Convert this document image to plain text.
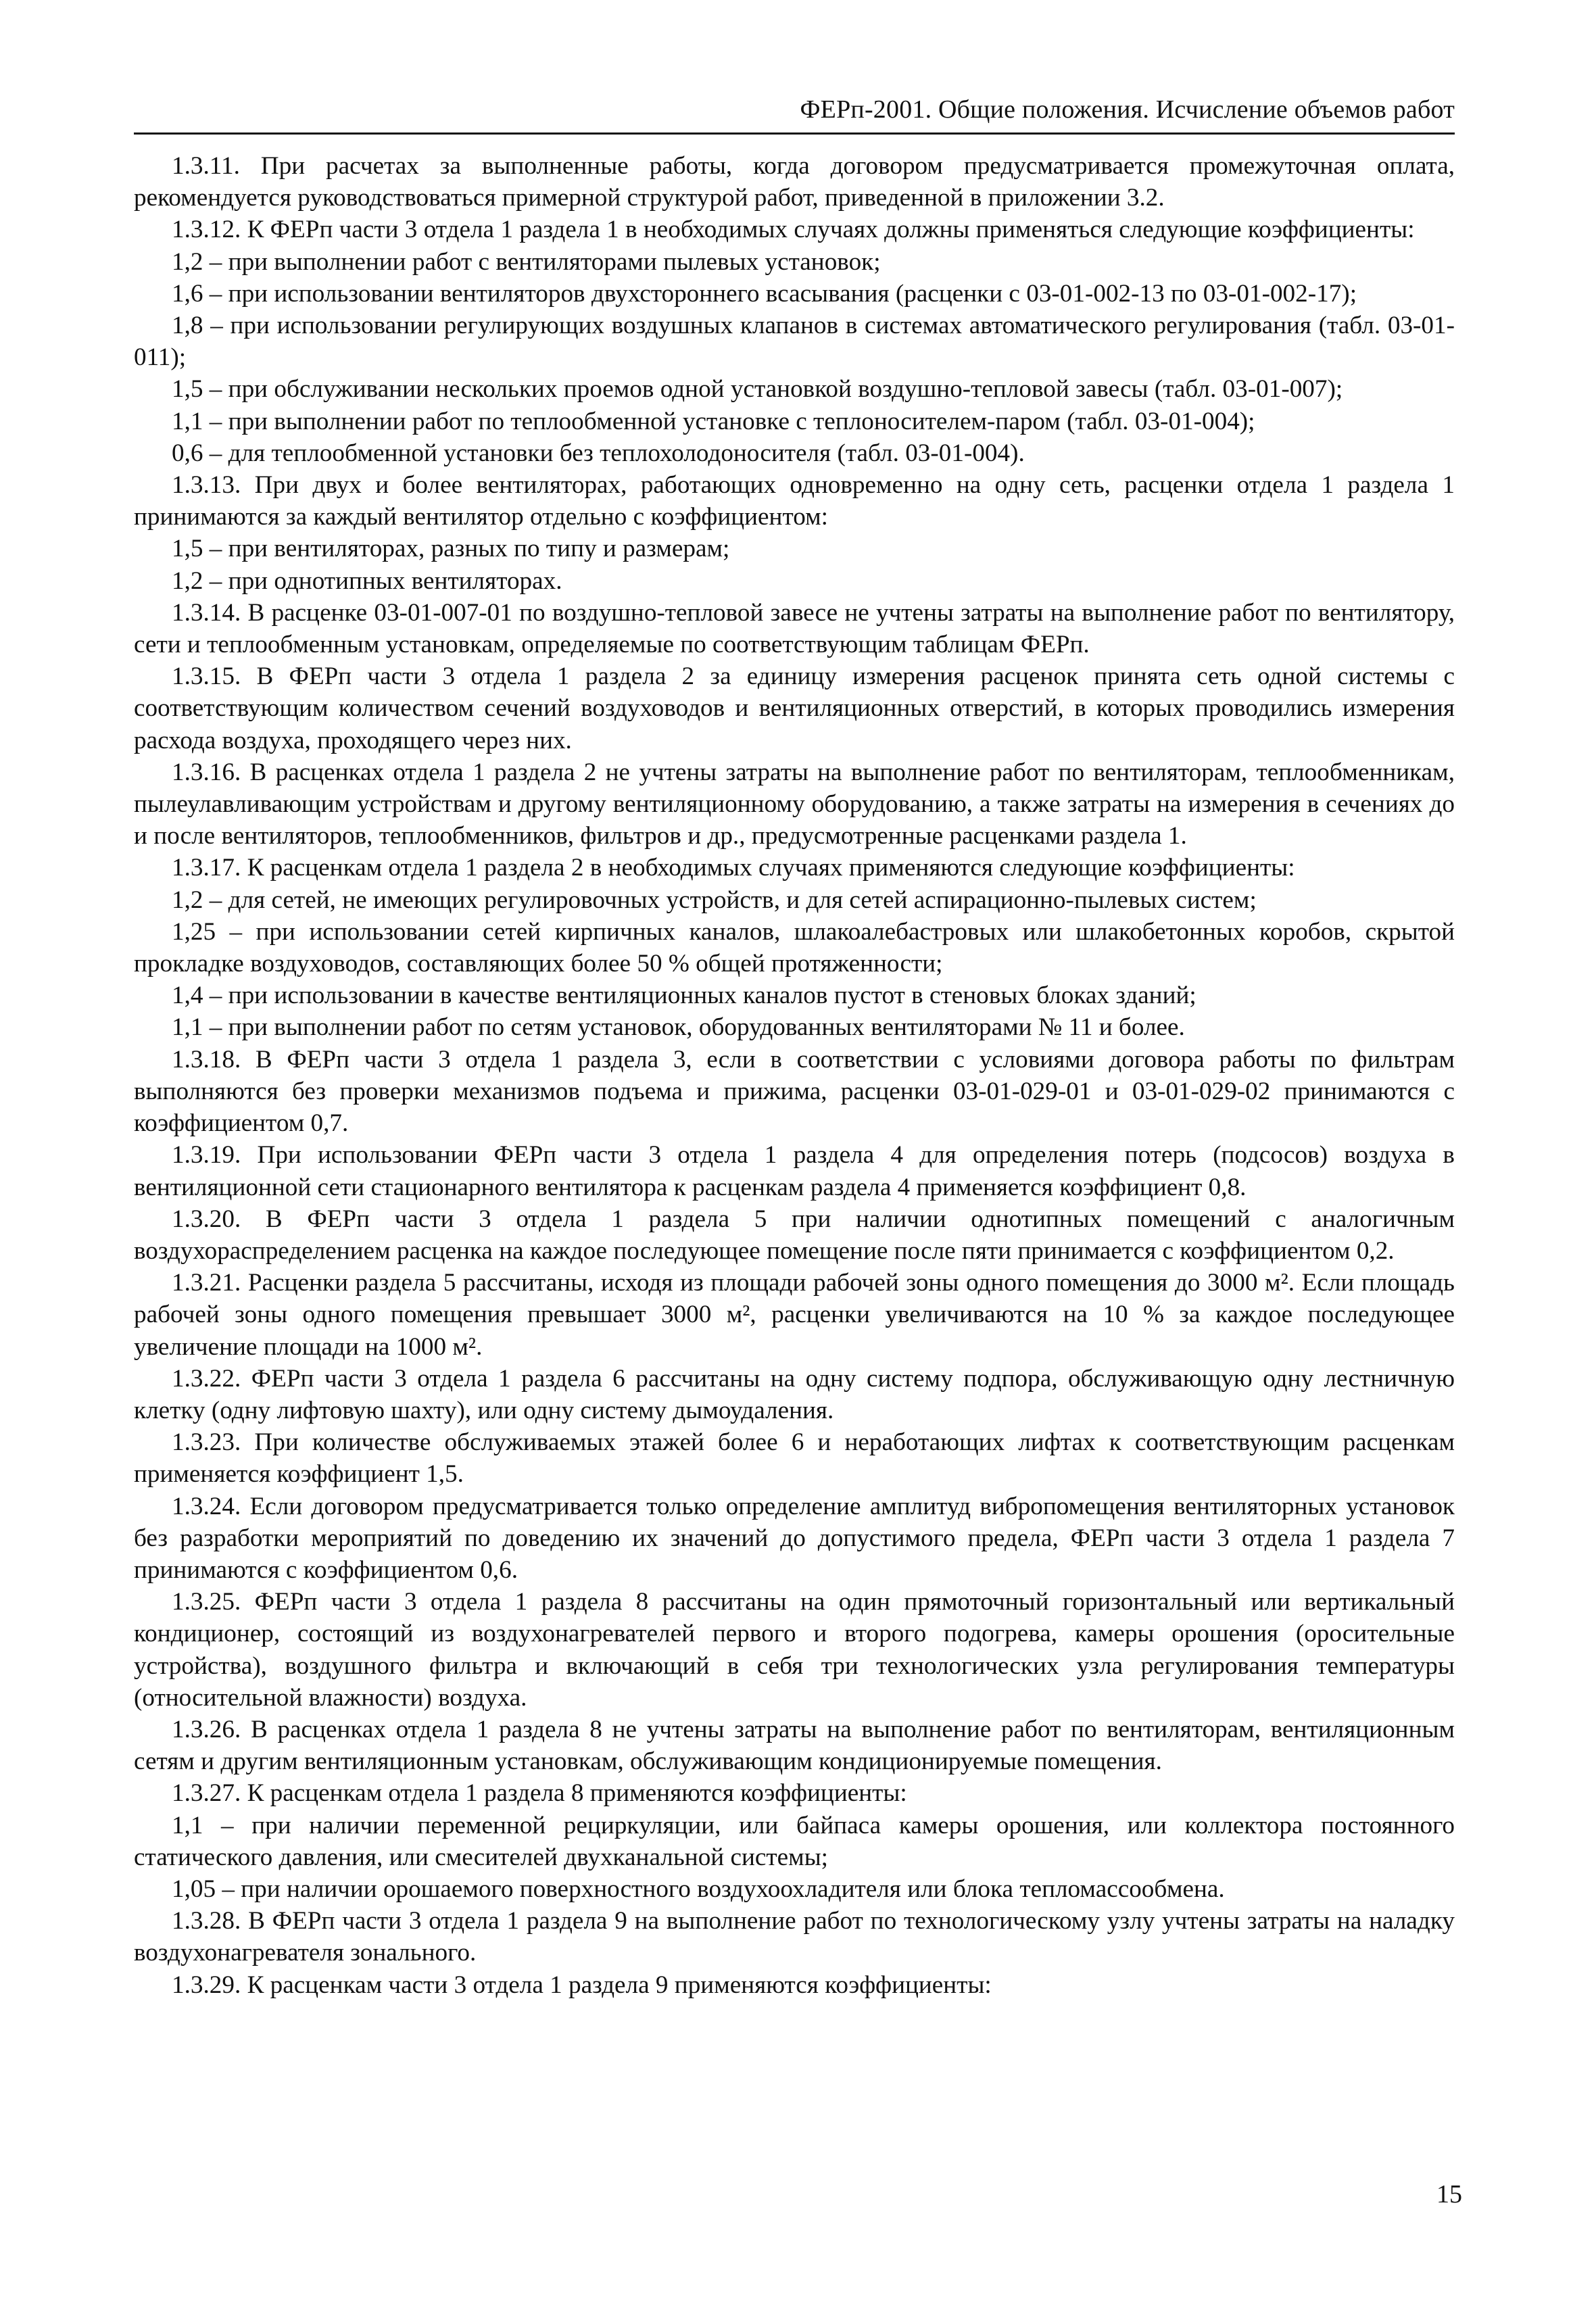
ФЕРп-2001. Общие положения. Исчисление объемов работ

1.3.11. При расчетах за выполненные работы, когда договором предусматривается промежуточная оплата, рекомендуется руководствоваться примерной структурой работ, приведенной в приложении 3.2.

1.3.12. К ФЕРп части 3 отдела 1 раздела 1 в необходимых случаях должны применяться следующие коэффициенты:

1,2 – при выполнении работ с вентиляторами пылевых установок;

1,6 – при использовании вентиляторов двухстороннего всасывания (расценки с 03-01-002-13 по 03-01-002-17);

1,8 – при использовании регулирующих воздушных клапанов в системах автоматического регулирования (табл. 03-01-011);

1,5 – при обслуживании нескольких проемов одной установкой воздушно-тепловой завесы (табл. 03-01-007);

1,1 – при выполнении работ по теплообменной установке с теплоносителем-паром (табл. 03-01-004);

0,6 – для теплообменной установки без теплохолодоносителя (табл. 03-01-004).

1.3.13. При двух и более вентиляторах, работающих одновременно на одну сеть, расценки отдела 1 раздела 1 принимаются за каждый вентилятор отдельно с коэффициентом:

1,5 – при вентиляторах, разных по типу и размерам;

1,2 – при однотипных вентиляторах.

1.3.14. В расценке 03-01-007-01 по воздушно-тепловой завесе не учтены затраты на выполнение работ по вентилятору, сети и теплообменным установкам, определяемые по соответствующим таблицам ФЕРп.

1.3.15. В ФЕРп части 3 отдела 1 раздела 2 за единицу измерения расценок принята сеть одной системы с соответствующим количеством сечений воздуховодов и вентиляционных отверстий, в которых проводились измерения расхода воздуха, проходящего через них.

1.3.16. В расценках отдела 1 раздела 2 не учтены затраты на выполнение работ по вентиляторам, теплообменникам, пылеулавливающим устройствам и другому вентиляционному оборудованию, а также затраты на измерения в сечениях до и после вентиляторов, теплообменников, фильтров и др., предусмотренные расценками раздела 1.

1.3.17. К расценкам отдела 1 раздела 2 в необходимых случаях применяются следующие коэффициенты:

1,2 – для сетей, не имеющих регулировочных устройств, и для сетей аспирационно-пылевых систем;

1,25 – при использовании сетей кирпичных каналов, шлакоалебастровых или шлакобетонных коробов, скрытой прокладке воздуховодов, составляющих более 50 % общей протяженности;

1,4 – при использовании в качестве вентиляционных каналов пустот в стеновых блоках зданий;

1,1 – при выполнении работ по сетям установок, оборудованных вентиляторами № 11 и более.

1.3.18. В ФЕРп части 3 отдела 1 раздела 3, если в соответствии с условиями договора работы по фильтрам выполняются без проверки механизмов подъема и прижима, расценки 03-01-029-01 и 03-01-029-02 принимаются с коэффициентом 0,7.

1.3.19. При использовании ФЕРп части 3 отдела 1 раздела 4 для определения потерь (подсосов) воздуха в вентиляционной сети стационарного вентилятора к расценкам раздела 4 применяется коэффициент 0,8.

1.3.20. В ФЕРп части 3 отдела 1 раздела 5 при наличии однотипных помещений с аналогичным воздухораспределением расценка на каждое последующее помещение после пяти принимается с коэффициентом 0,2.

1.3.21. Расценки раздела 5 рассчитаны, исходя из площади рабочей зоны одного помещения до 3000 м². Если площадь рабочей зоны одного помещения превышает 3000 м², расценки увеличиваются на 10 % за каждое последующее увеличение площади на 1000 м².

1.3.22. ФЕРп части 3 отдела 1 раздела 6 рассчитаны на одну систему подпора, обслуживающую одну лестничную клетку (одну лифтовую шахту), или одну систему дымоудаления.

1.3.23. При количестве обслуживаемых этажей более 6 и неработающих лифтах к соответствующим расценкам применяется коэффициент 1,5.

1.3.24. Если договором предусматривается только определение амплитуд вибропомещения вентиляторных установок без разработки мероприятий по доведению их значений до допустимого предела, ФЕРп части 3 отдела 1 раздела 7 принимаются с коэффициентом 0,6.

1.3.25. ФЕРп части 3 отдела 1 раздела 8 рассчитаны на один прямоточный горизонтальный или вертикальный кондиционер, состоящий из воздухонагревателей первого и второго подогрева, камеры орошения (оросительные устройства), воздушного фильтра и включающий в себя три технологических узла регулирования температуры (относительной влажности) воздуха.

1.3.26. В расценках отдела 1 раздела 8 не учтены затраты на выполнение работ по вентиляторам, вентиляционным сетям и другим вентиляционным установкам, обслуживающим кондиционируемые помещения.

1.3.27. К расценкам отдела 1 раздела 8 применяются коэффициенты:

1,1 – при наличии переменной рециркуляции, или байпаса камеры орошения, или коллектора постоянного статического давления, или смесителей двухканальной системы;

1,05 – при наличии орошаемого поверхностного воздухоохладителя или блока тепломассообмена.

1.3.28. В ФЕРп части 3 отдела 1 раздела 9 на выполнение работ по технологическому узлу учтены затраты на наладку воздухонагревателя зонального.

1.3.29. К расценкам части 3 отдела 1 раздела 9 применяются коэффициенты:

15
